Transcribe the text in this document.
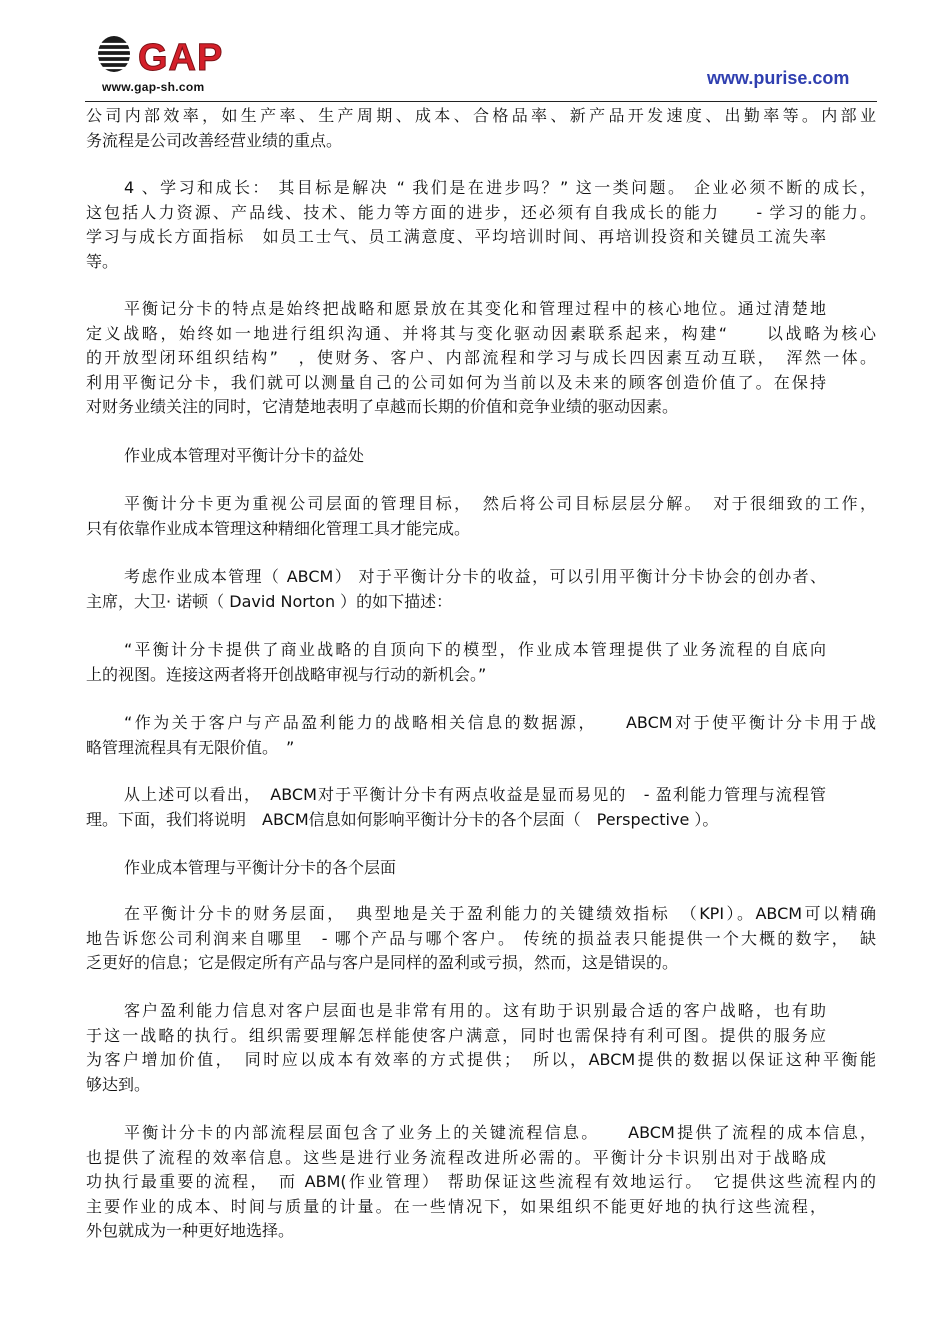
GAP
www.gap-sh.com	www.purise.com

公司内部效率，如生产率、生产周期、成本、合格品率、新产品开发速度、出勤率等。内部业
务流程是公司改善经营业绩的重点。

4 、学习和成长： 其目标是解决 “ 我们是在进步吗？” 这一类问题。 企业必须不断的成长，
这包括人力资源、产品线、技术、能力等方面的进步，还必须有自我成长的能力　　- 学习的能力。
学习与成长方面指标　如员工士气、员工满意度、平均培训时间、再培训投资和关键员工流失率
等。

平衡记分卡的特点是始终把战略和愿景放在其变化和管理过程中的核心地位。通过清楚地
定义战略，始终如一地进行组织沟通、并将其与变化驱动因素联系起来，构建“　　以战略为核心
的开放型闭环组织结构”　，使财务、客户、内部流程和学习与成长四因素互动互联，　浑然一体。
利用平衡记分卡，我们就可以测量自己的公司如何为当前以及未来的顾客创造价值了。在保持
对财务业绩关注的同时，它清楚地表明了卓越而长期的价值和竞争业绩的驱动因素。

作业成本管理对平衡计分卡的益处

平衡计分卡更为重视公司层面的管理目标，　然后将公司目标层层分解。　对于很细致的工作，
只有依靠作业成本管理这种精细化管理工具才能完成。

考虑作业成本管理（ ABCM） 对于平衡计分卡的收益，可以引用平衡计分卡协会的创办者、
主席，大卫· 诺顿（ David Norton ）的如下描述：

“平衡计分卡提供了商业战略的自顶向下的模型，作业成本管理提供了业务流程的自底向
上的视图。连接这两者将开创战略审视与行动的新机会。”

“作为关于客户与产品盈利能力的战略相关信息的数据源，　　ABCM对于使平衡计分卡用于战
略管理流程具有无限价值。　”

从上述可以看出，　ABCM对于平衡计分卡有两点收益是显而易见的　- 盈利能力管理与流程管
理。下面，我们将说明　ABCM信息如何影响平衡计分卡的各个层面（　Perspective ）。

作业成本管理与平衡计分卡的各个层面

在平衡计分卡的财务层面，　典型地是关于盈利能力的关键绩效指标　（KPI）。ABCM可以精确
地告诉您公司利润来自哪里　- 哪个产品与哪个客户。 传统的损益表只能提供一个大概的数字，　缺
乏更好的信息；它是假定所有产品与客户是同样的盈利或亏损，然而，这是错误的。

客户盈利能力信息对客户层面也是非常有用的。这有助于识别最合适的客户战略，也有助
于这一战略的执行。组织需要理解怎样能使客户满意，同时也需保持有利可图。提供的服务应
为客户增加价值，　同时应以成本有效率的方式提供；　所以，ABCM提供的数据以保证这种平衡能
够达到。

平衡计分卡的内部流程层面包含了业务上的关键流程信息。　　ABCM提供了流程的成本信息，
也提供了流程的效率信息。这些是进行业务流程改进所必需的。平衡计分卡识别出对于战略成
功执行最重要的流程，　而 ABM(作业管理） 帮助保证这些流程有效地运行。　它提供这些流程内的
主要作业的成本、时间与质量的计量。在一些情况下，如果组织不能更好地的执行这些流程，
外包就成为一种更好地选择。
